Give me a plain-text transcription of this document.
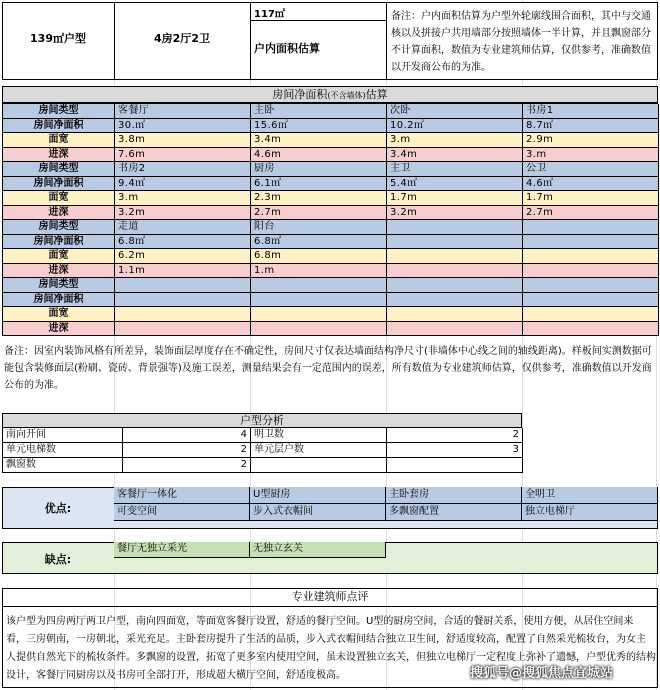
139㎡户型	4房2厅2卫
117㎡
户内面积估算
备注：户内面积估算为户型外轮廓线围合面积，其中与交通核以及拼接户共用墙部分按照墙体一半计算，并且飘窗部分不计算面积，数值为专业建筑师估算，仅供参考，准确数值以开发商公布的为准。
房间净面积(不含墙体)估算
房间类型	客餐厅	主卧	次卧	书房1
房间净面积	30.㎡	15.6㎡	10.2㎡	8.7㎡
面宽	3.8m	3.4m	3.m	2.9m
进深	7.6m	4.6m	3.4m	3.m
房间类型	书房2	厨房	主卫	公卫
房间净面积	9.4㎡	6.1㎡	5.4㎡	4.6㎡
面宽	3.m	2.3m	1.7m	1.7m
进深	3.2m	2.7m	3.2m	2.7m
房间类型	走道	阳台
房间净面积	6.8㎡	6.8㎡
面宽	6.2m	6.8m
进深	1.1m	1.m
房间类型
房间净面积
面宽
进深
备注：因室内装饰风格有所差异，装饰面层厚度存在不确定性，房间尺寸仅表达墙面结构净尺寸(非墙体中心线之间的轴线距离)。样板间实测数据可能包含装修面层(粉刷、瓷砖、背景强等)及施工误差，测量结果会有一定范围内的误差，所有数值为专业建筑师估算，仅供参考，准确数值以开发商公布的为准。
户型分析
南向开间	4 明卫数	2
单元电梯数	2 单元层户数	3
飘窗数	2
优点:
客餐厅一体化	U型厨房	主卧套房	全明卫
可变空间	步入式衣帽间	多飘窗配置	独立电梯厅
缺点:
餐厅无独立采光	无独立玄关
专业建筑师点评
该户型为四房两厅两卫户型，南向四面宽，等面宽客餐厅设置，舒适的餐厅空间。U型的厨房空间，合适的餐厨关系，使用方便，从居住空间来
看，三房朝南，一房朝北，采光充足。主卧套房提升了生活的品质，步入式衣帽间结合独立卫生间，舒适度较高，配置了自然采光梳妆台，为女主
人提供自然光下的梳妆条件。多飘窗的设置，拓宽了更多室内使用空间，虽未设置独立玄关，但独立电梯厅一定程度上弥补了遗憾，户型优秀的结构
设计，客餐厅同厨房以及书房可全部打开，形成超大横厅空间，舒适度极高。	搜狐号@搜狐焦点宜城站
